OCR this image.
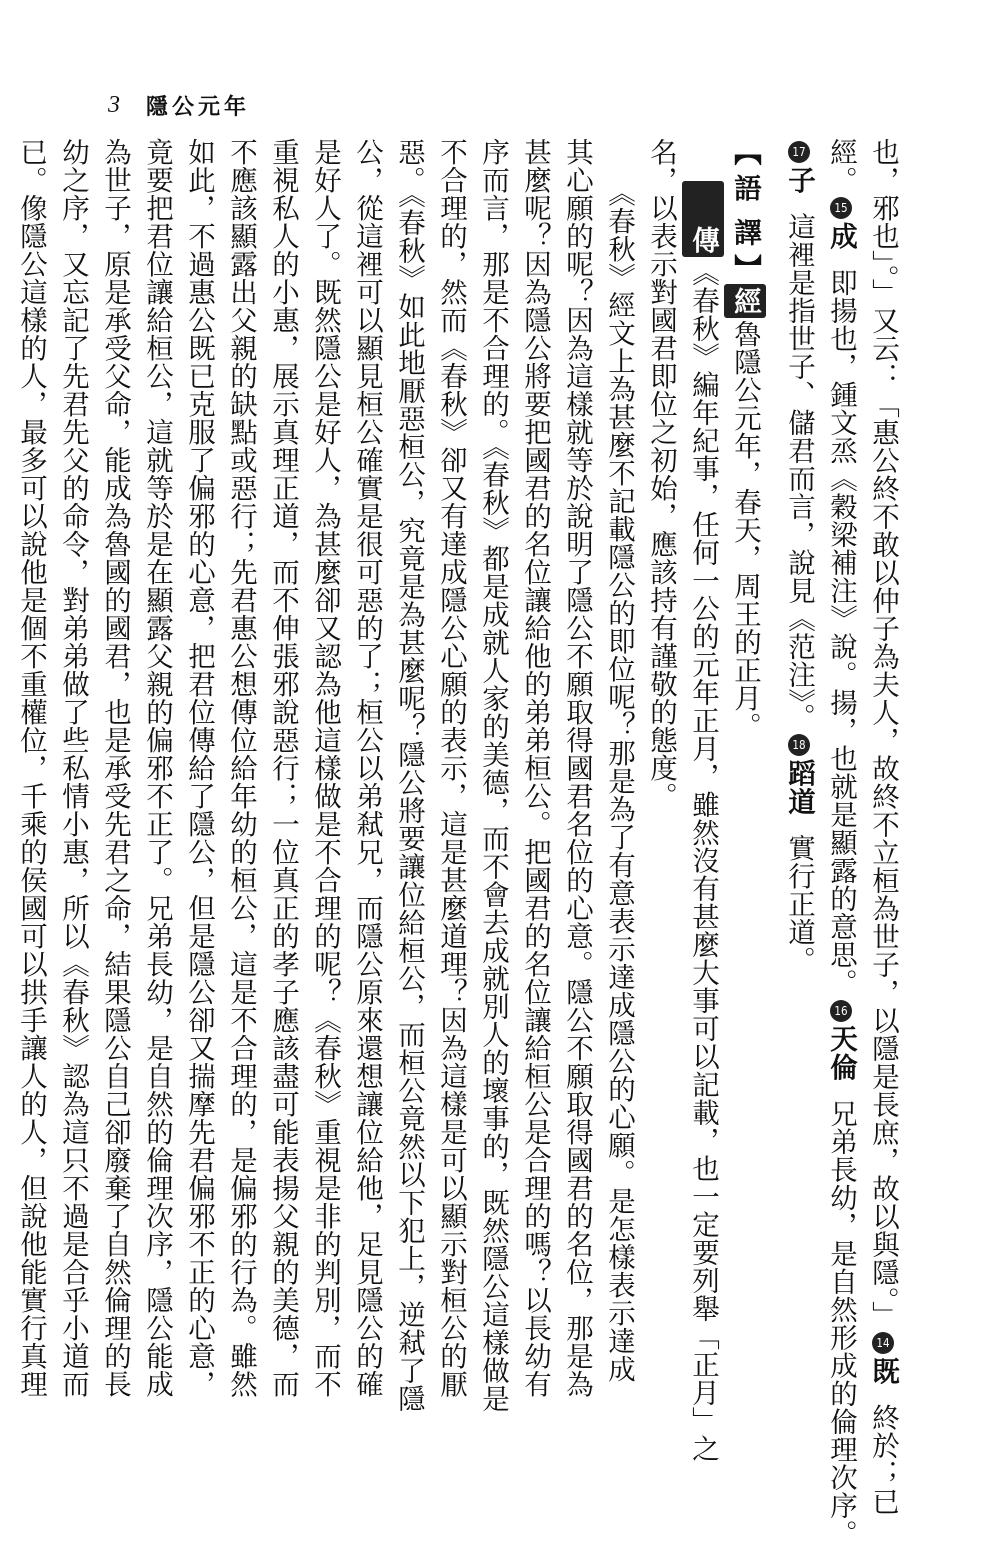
3 隱公元年
也，邪也」。」又云：「惠公終不敢以仲子為夫人，故終不立桓為世子，以隱是長庶，故以與隱。」14既終於；已
經。15成即揚也，鍾文烝《穀梁補注》說。揚，也就是顯露的意思。16天倫兄弟長幼，是自然形成的倫理次序。
17子這裡是指世子、儲君而言，說見《范注》。18蹈道實行正道。
【語譯】經魯隱公元年，春天，周王的正月。
傳《春秋》編年紀事，任何一公的元年正月，雖然沒有甚麼大事可以記載，也一定要列舉「正月」之
名，以表示對國君即位之初始，應該持有謹敬的態度。
《春秋》經文上為甚麼不記載隱公的即位呢？那是為了有意表示達成隱公的心願。是怎樣表示達成
其心願的呢？因為這樣就等於說明了隱公不願取得國君名位的心意。隱公不願取得國君的名位，那是為
甚麼呢？因為隱公將要把國君的名位讓給他的弟弟桓公。把國君的名位讓給桓公是合理的嗎？以長幼有
序而言，那是不合理的。《春秋》都是成就人家的美德，而不會去成就別人的壞事的，既然隱公這樣做是
不合理的，然而《春秋》卻又有達成隱公心願的表示，這是甚麼道理？因為這樣是可以顯示對桓公的厭
惡。《春秋》如此地厭惡桓公，究竟是為甚麼呢？隱公將要讓位給桓公，而桓公竟然以下犯上，逆弒了隱
公，從這裡可以顯見桓公確實是很可惡的了；桓公以弟弒兄，而隱公原來還想讓位給他，足見隱公的確
是好人了。既然隱公是好人，為甚麼卻又認為他這樣做是不合理的呢？《春秋》重視是非的判別，而不
重視私人的小惠，展示真理正道，而不伸張邪說惡行；一位真正的孝子應該盡可能表揚父親的美德，而
不應該顯露出父親的缺點或惡行；先君惠公想傳位給年幼的桓公，這是不合理的，是偏邪的行為。雖然
如此，不過惠公既已克服了偏邪的心意，把君位傳給了隱公，但是隱公卻又揣摩先君偏邪不正的心意，
竟要把君位讓給桓公，這就等於是在顯露父親的偏邪不正了。兄弟長幼，是自然的倫理次序，隱公能成
為世子，原是承受父命，能成為魯國的國君，也是承受先君之命，結果隱公自己卻廢棄了自然倫理的長
幼之序，又忘記了先君先父的命令，對弟弟做了些私情小惠，所以《春秋》認為這只不過是合乎小道而
已。像隱公這樣的人，最多可以說他是個不重權位，千乘的侯國可以拱手讓人的人，但說他能實行真理
